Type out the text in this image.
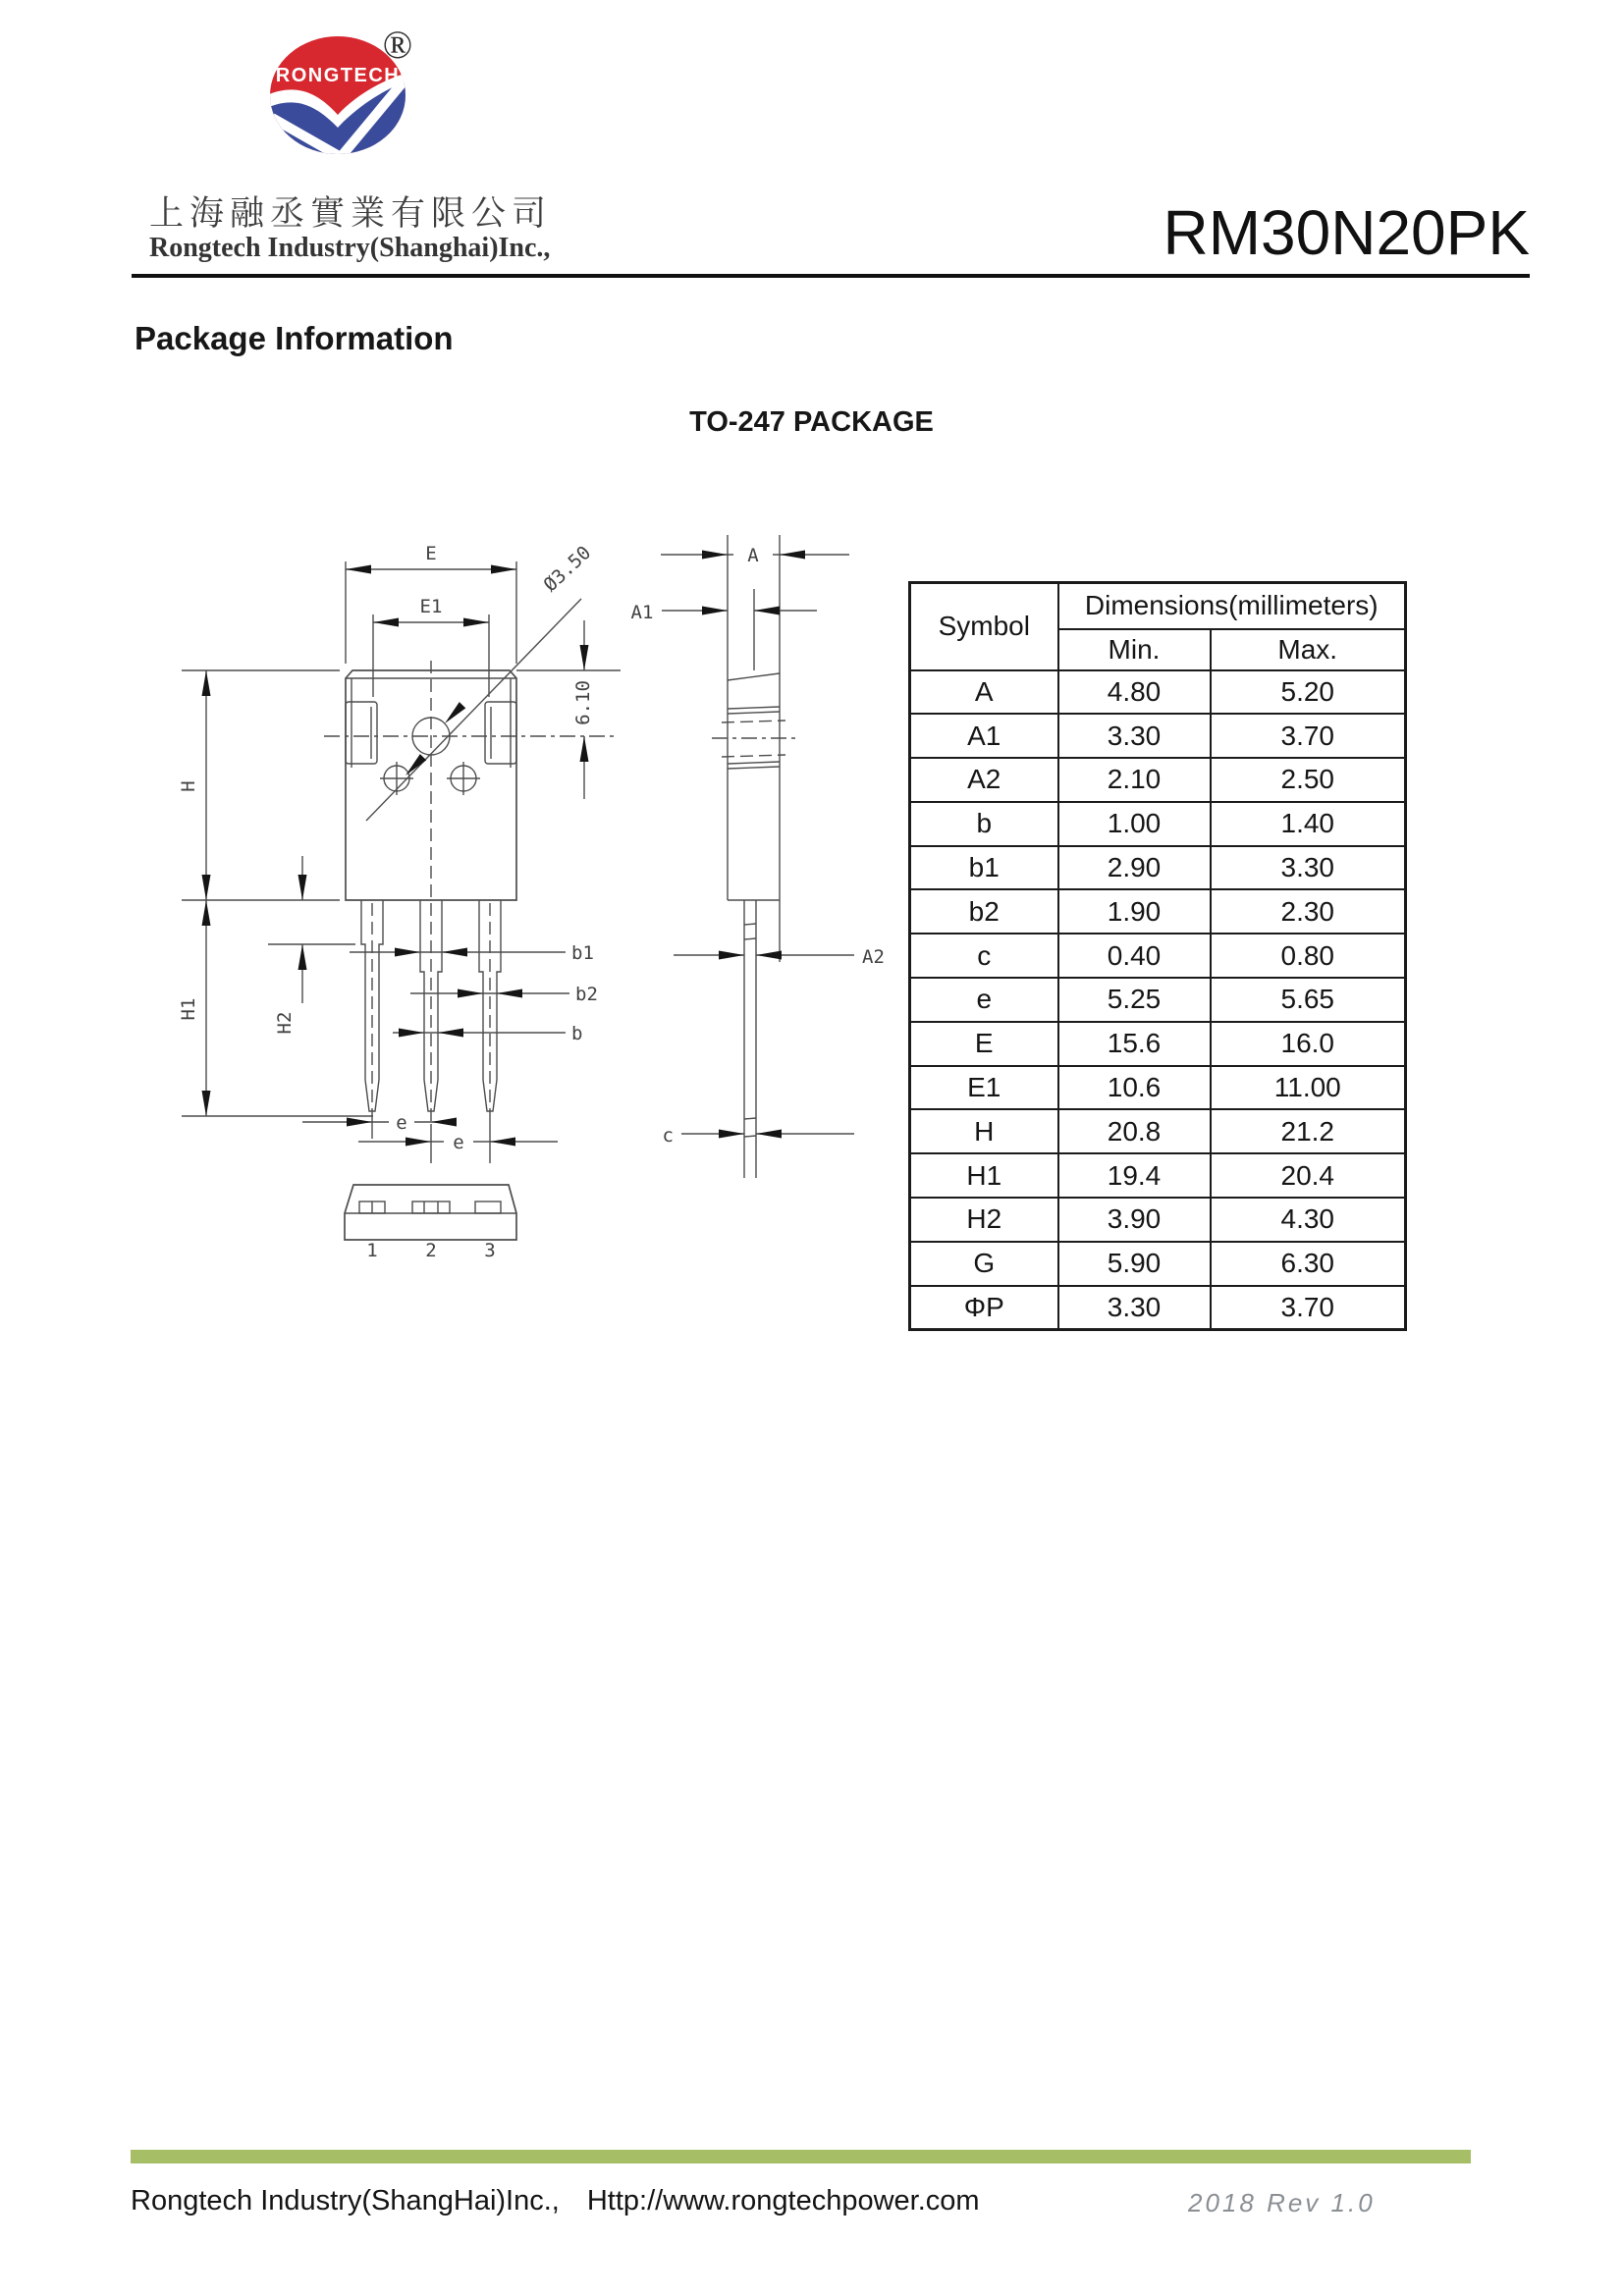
RONGTECH
®
上海融丞實業有限公司
Rongtech Industry(Shanghai)Inc.,	RM30N20PK
Package Information
TO-247 PACKAGE
E
E1
Ø3.50
6.10
H
H1
H2
b1
b2
b
e
e
1	2	3
A
A1
A2
c
Symbol	Dimensions(millimeters)	
	Min.	Max.
A	4.80	5.20
A1	3.30	3.70
A2	2.10	2.50
b	1.00	1.40
b1	2.90	3.30
b2	1.90	2.30
c	0.40	0.80
e	5.25	5.65
E	15.6	16.0
E1	10.6	11.00
H	20.8	21.2
H1	19.4	20.4
H2	3.90	4.30
G	5.90	6.30
ΦP	3.30	3.70
Rongtech Industry(ShangHai)Inc., Http://www.rongtechpower.com	2018 Rev 1.0
